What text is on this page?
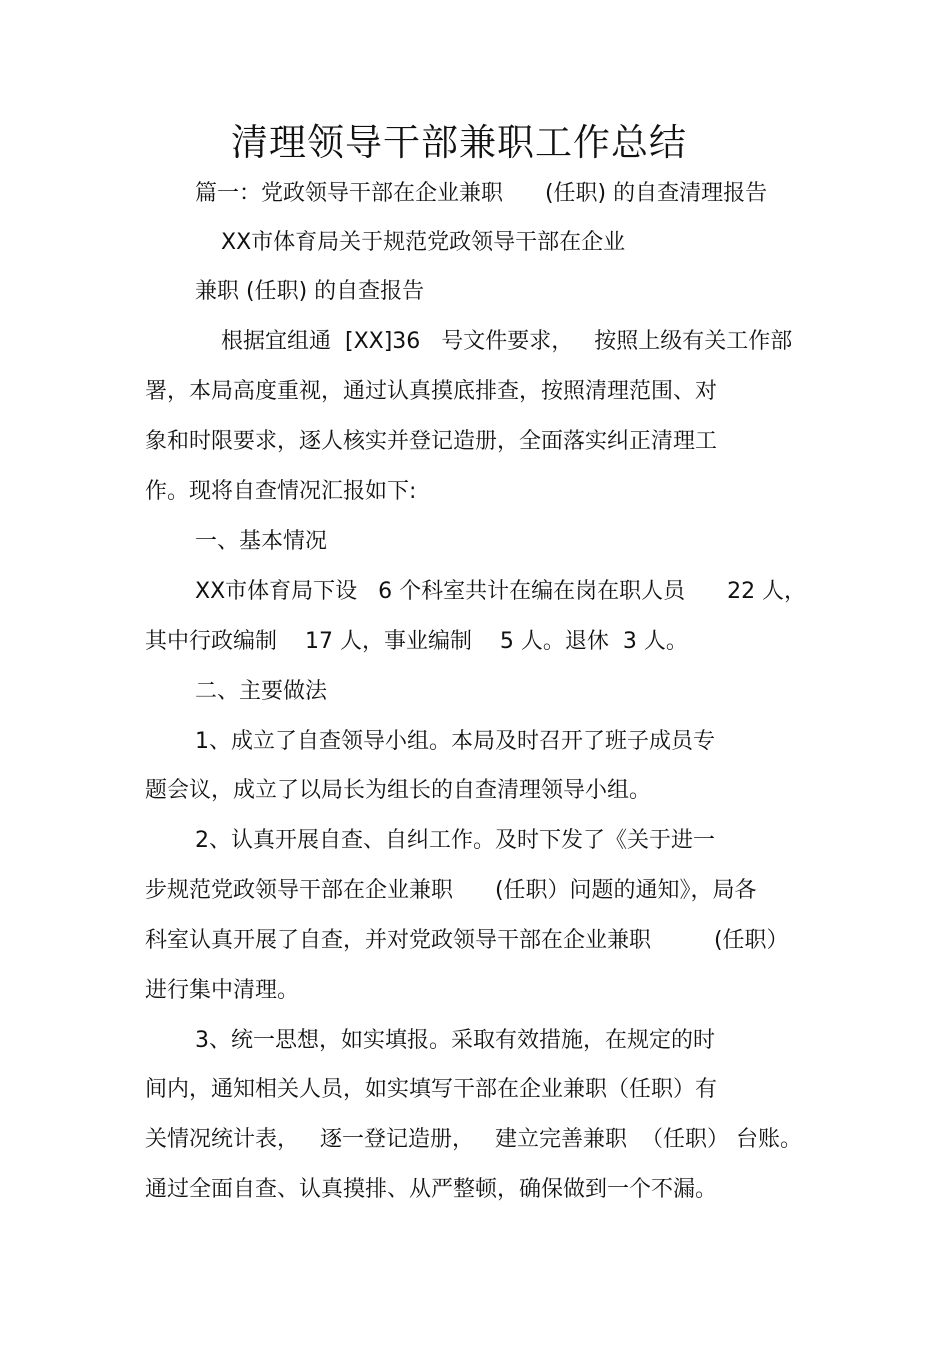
清理领导干部兼职工作总结
篇一：党政领导干部在企业兼职      (任职) 的自查清理报告
XX市体育局关于规范党政领导干部在企业
兼职 (任职) 的自查报告
根据宜组通  [XX]36   号文件要求，   按照上级有关工作部
署，本局高度重视，通过认真摸底排查，按照清理范围、对
象和时限要求，逐人核实并登记造册，全面落实纠正清理工
作。现将自查情况汇报如下:
一、基本情况
XX市体育局下设   6 个科室共计在编在岗在职人员      22 人，
其中行政编制    17 人，事业编制    5 人。退休  3 人。
二、主要做法
1、成立了自查领导小组。本局及时召开了班子成员专
题会议，成立了以局长为组长的自查清理领导小组。
2、认真开展自查、自纠工作。及时下发了《关于进一
步规范党政领导干部在企业兼职      (任职）问题的通知》，局各
科室认真开展了自查，并对党政领导干部在企业兼职         (任职）
进行集中清理。
3、统一思想，如实填报。采取有效措施，在规定的时
间内，通知相关人员，如实填写干部在企业兼职（任职）有
关情况统计表，   逐一登记造册，   建立完善兼职  （任职） 台账。
通过全面自查、认真摸排、从严整顿，确保做到一个不漏。
